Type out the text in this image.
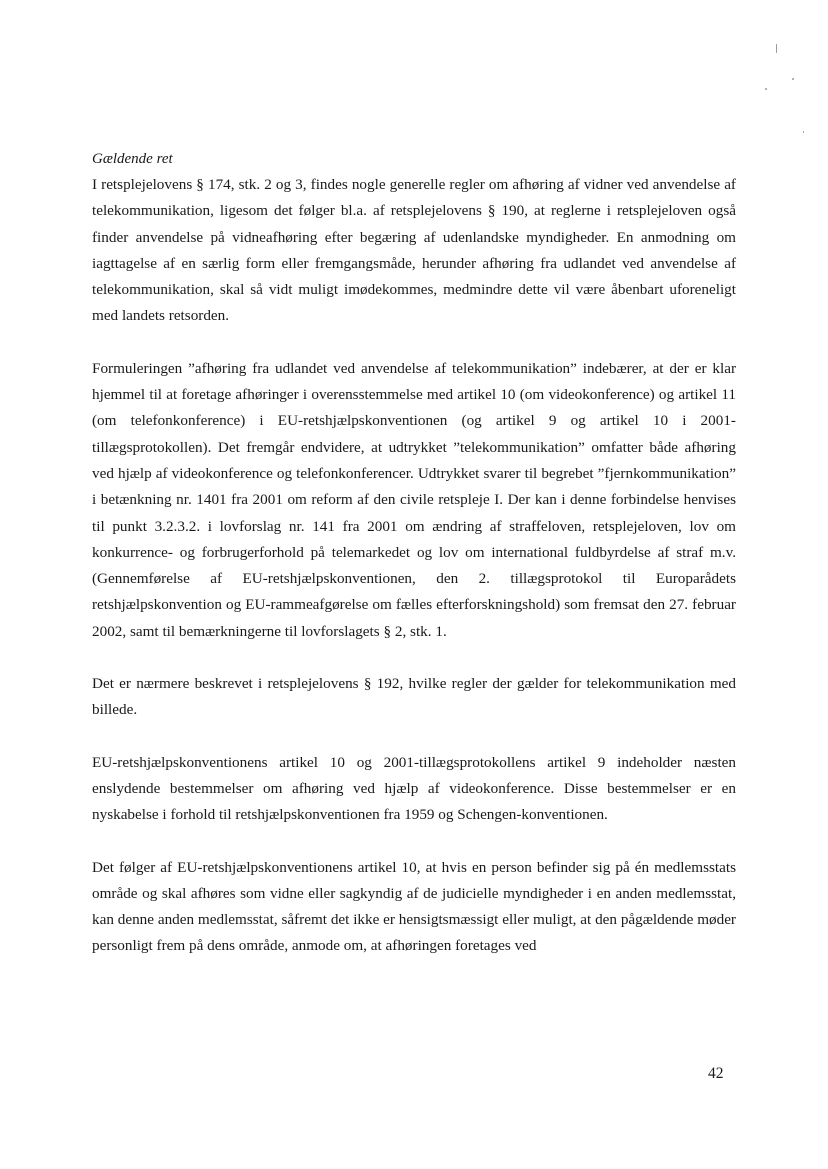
Gældende ret

I retsplejelovens § 174, stk. 2 og 3, findes nogle generelle regler om afhøring af vidner ved anvendelse af telekommunikation, ligesom det følger bl.a. af retsplejelovens § 190, at reglerne i retsplejeloven også finder anvendelse på vidneafhøring efter begæring af udenlandske myndigheder. En anmodning om iagttagelse af en særlig form eller fremgangsmåde, herunder afhøring fra udlandet ved anvendelse af telekommunikation, skal så vidt muligt imødekommes, medmindre dette vil være åbenbart uforeneligt med landets retsorden.

Formuleringen ”afhøring fra udlandet ved anvendelse af telekommunikation” indebærer, at der er klar hjemmel til at foretage afhøringer i overensstemmelse med artikel 10 (om videokonference) og artikel 11 (om telefonkonference) i EU-retshjælpskonventionen (og artikel 9 og artikel 10 i 2001-tillægsprotokollen). Det fremgår endvidere, at udtrykket ”telekommunikation” omfatter både afhøring ved hjælp af videokonference og telefonkonferencer. Udtrykket svarer til begrebet ”fjernkommunikation” i betænkning nr. 1401 fra 2001 om reform af den civile retspleje I. Der kan i denne forbindelse henvises til punkt 3.2.3.2. i lovforslag nr. 141 fra 2001 om ændring af straffeloven, retsplejeloven, lov om konkurrence- og forbrugerforhold på telemarkedet og lov om international fuldbyrdelse af straf m.v. (Gennemførelse af EU-retshjælpskonventionen, den 2. tillægsprotokol til Europarådets retshjælpskonvention og EU-rammeafgørelse om fælles efterforskningshold) som fremsat den 27. februar 2002, samt til bemærkningerne til lovforslagets § 2, stk. 1.

Det er nærmere beskrevet i retsplejelovens § 192, hvilke regler der gælder for telekommunikation med billede.

EU-retshjælpskonventionens artikel 10 og 2001-tillægsprotokollens artikel 9 indeholder næsten enslydende bestemmelser om afhøring ved hjælp af videokonference. Disse bestemmelser er en nyskabelse i forhold til retshjælpskonventionen fra 1959 og Schengen-konventionen.

Det følger af EU-retshjælpskonventionens artikel 10, at hvis en person befinder sig på én medlemsstats område og skal afhøres som vidne eller sagkyndig af de judicielle myndigheder i en anden medlemsstat, kan denne anden medlemsstat, såfremt det ikke er hensigtsmæssigt eller muligt, at den pågældende møder personligt frem på dens område, anmode om, at afhøringen foretages ved

42
